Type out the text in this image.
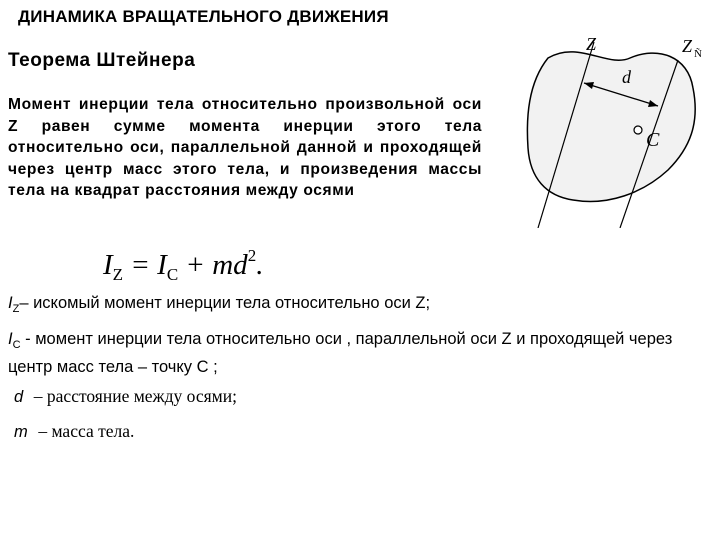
ДИНАМИКА ВРАЩАТЕЛЬНОГО ДВИЖЕНИЯ
Теорема Штейнера
Момент инерции тела относительно произвольной оси Z равен сумме момента инерции этого тела относительно оси, параллельной данной и проходящей через центр масс этого тела, и произведения массы тела на квадрат расстояния между осями
$I_Z = I_C + md^2$.
$I_Z-$ искомый момент инерции тела относительно оси Z;
$I_C$ - момент инерции тела относительно оси , параллельной оси Z и проходящей через центр масс тела – точку С ;
d – расстояние между осями;
m – масса тела.
Z	Z Ñ
d
C
